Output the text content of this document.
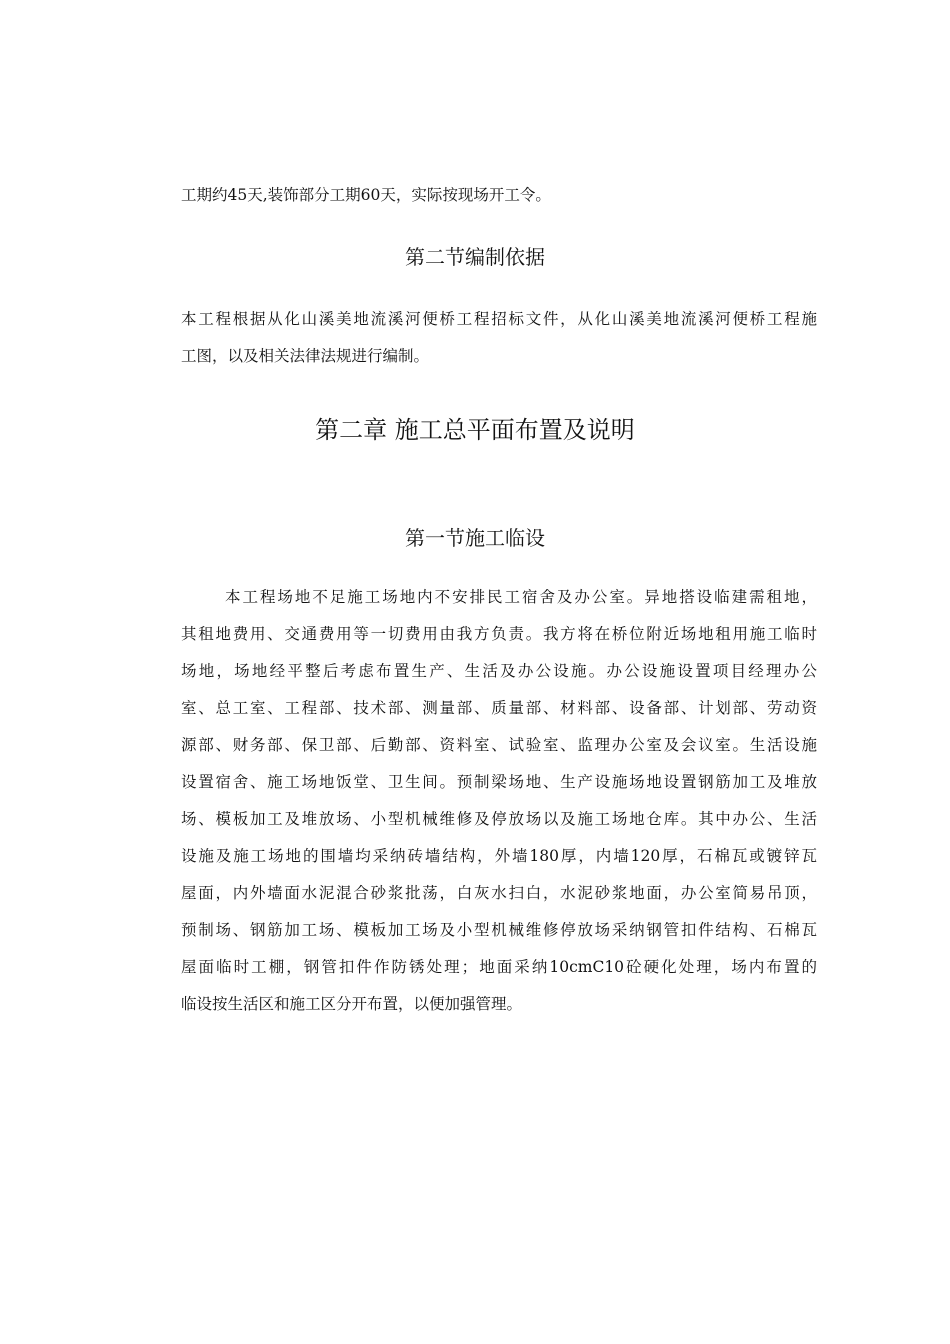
工期约45天,装饰部分工期60天，实际按现场开工令。
第二节编制依据
本工程根据从化山溪美地流溪河便桥工程招标文件，从化山溪美地流溪河便桥工程施
工图，以及相关法律法规进行编制。
第二章 施工总平面布置及说明
第一节施工临设
本工程场地不足施工场地内不安排民工宿舍及办公室。异地搭设临建需租地，
其租地费用、交通费用等一切费用由我方负责。我方将在桥位附近场地租用施工临时
场地，场地经平整后考虑布置生产、生活及办公设施。办公设施设置项目经理办公
室、总工室、工程部、技术部、测量部、质量部、材料部、设备部、计划部、劳动资
源部、财务部、保卫部、后勤部、资料室、试验室、监理办公室及会议室。生活设施
设置宿舍、施工场地饭堂、卫生间。预制梁场地、生产设施场地设置钢筋加工及堆放
场、模板加工及堆放场、小型机械维修及停放场以及施工场地仓库。其中办公、生活
设施及施工场地的围墙均采纳砖墙结构，外墙180厚，内墙120厚，石棉瓦或镀锌瓦
屋面，内外墙面水泥混合砂浆批荡，白灰水扫白，水泥砂浆地面，办公室简易吊顶，
预制场、钢筋加工场、模板加工场及小型机械维修停放场采纳钢管扣件结构、石棉瓦
屋面临时工棚，钢管扣件作防锈处理；地面采纳10cmC10砼硬化处理，场内布置的
临设按生活区和施工区分开布置，以便加强管理。
